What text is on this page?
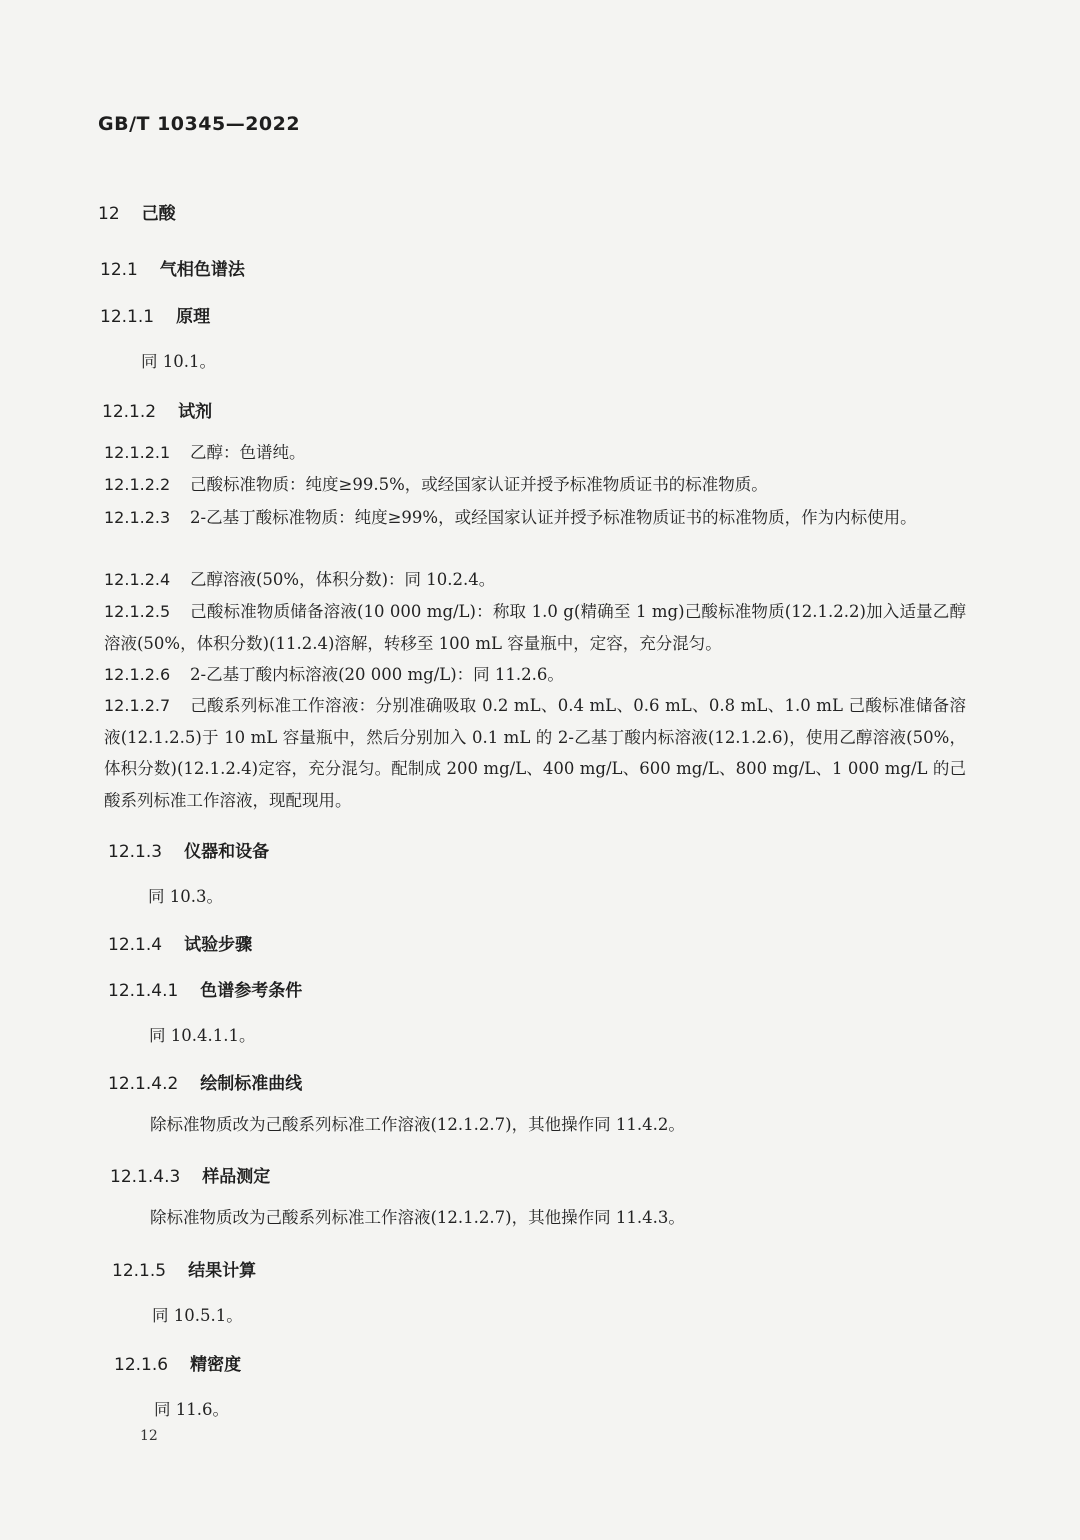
GB/T 10345—2022
12 己酸
12.1 气相色谱法
12.1.1 原理
同 10.1。
12.1.2 试剂
12.1.2.1 乙醇：色谱纯。
12.1.2.2 己酸标准物质：纯度≥99.5%，或经国家认证并授予标准物质证书的标准物质。
12.1.2.3 2-乙基丁酸标准物质：纯度≥99%，或经国家认证并授予标准物质证书的标准物质，作为内标使用。
12.1.2.4 乙醇溶液(50%，体积分数)：同 10.2.4。
12.1.2.5 己酸标准物质储备溶液(10 000 mg/L)：称取 1.0 g(精确至 1 mg)己酸标准物质(12.1.2.2)加入适量乙醇溶液(50%，体积分数)(11.2.4)溶解，转移至 100 mL 容量瓶中，定容，充分混匀。
12.1.2.6 2-乙基丁酸内标溶液(20 000 mg/L)：同 11.2.6。
12.1.2.7 己酸系列标准工作溶液：分别准确吸取 0.2 mL、0.4 mL、0.6 mL、0.8 mL、1.0 mL 己酸标准储备溶液(12.1.2.5)于 10 mL 容量瓶中，然后分别加入 0.1 mL 的 2-乙基丁酸内标溶液(12.1.2.6)，使用乙醇溶液(50%，体积分数)(12.1.2.4)定容，充分混匀。配制成 200 mg/L、400 mg/L、600 mg/L、800 mg/L、1 000 mg/L 的己酸系列标准工作溶液，现配现用。
12.1.3 仪器和设备
同 10.3。
12.1.4 试验步骤
12.1.4.1 色谱参考条件
同 10.4.1.1。
12.1.4.2 绘制标准曲线
除标准物质改为己酸系列标准工作溶液(12.1.2.7)，其他操作同 11.4.2。
12.1.4.3 样品测定
除标准物质改为己酸系列标准工作溶液(12.1.2.7)，其他操作同 11.4.3。
12.1.5 结果计算
同 10.5.1。
12.1.6 精密度
同 11.6。
12
